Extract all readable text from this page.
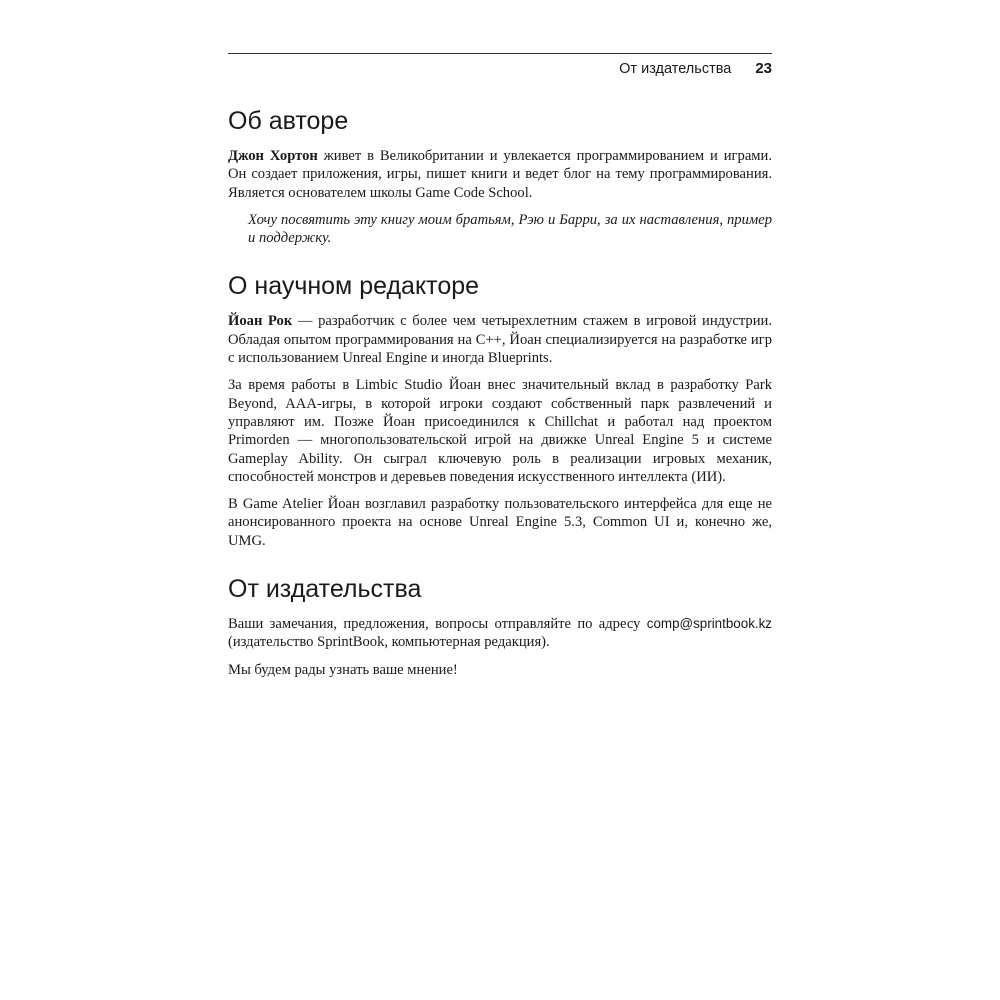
От издательства 23
Об авторе

Джон Хортон живет в Великобритании и увлекается программированием и играми. Он создает приложения, игры, пишет книги и ведет блог на тему программирования. Является основателем школы Game Code School.

Хочу посвятить эту книгу моим братьям, Рэю и Барри, за их наставления, пример и поддержку.

О научном редакторе

Йоан Рок — разработчик с более чем четырехлетним стажем в игровой индустрии. Обладая опытом программирования на C++, Йоан специализируется на разработке игр с использованием Unreal Engine и иногда Blueprints.

За время работы в Limbic Studio Йоан внес значительный вклад в разработку Park Beyond, AAA-игры, в которой игроки создают собственный парк развлечений и управляют им. Позже Йоан присоединился к Chillchat и работал над проектом Primorden — многопользовательской игрой на движке Unreal Engine 5 и системе Gameplay Ability. Он сыграл ключевую роль в реализации игровых механик, способностей монстров и деревьев поведения искусственного интеллекта (ИИ).

В Game Atelier Йоан возглавил разработку пользовательского интерфейса для еще не анонсированного проекта на основе Unreal Engine 5.3, Common UI и, конечно же, UMG.

От издательства

Ваши замечания, предложения, вопросы отправляйте по адресу comp@sprintbook.kz (издательство SprintBook, компьютерная редакция).

Мы будем рады узнать ваше мнение!
